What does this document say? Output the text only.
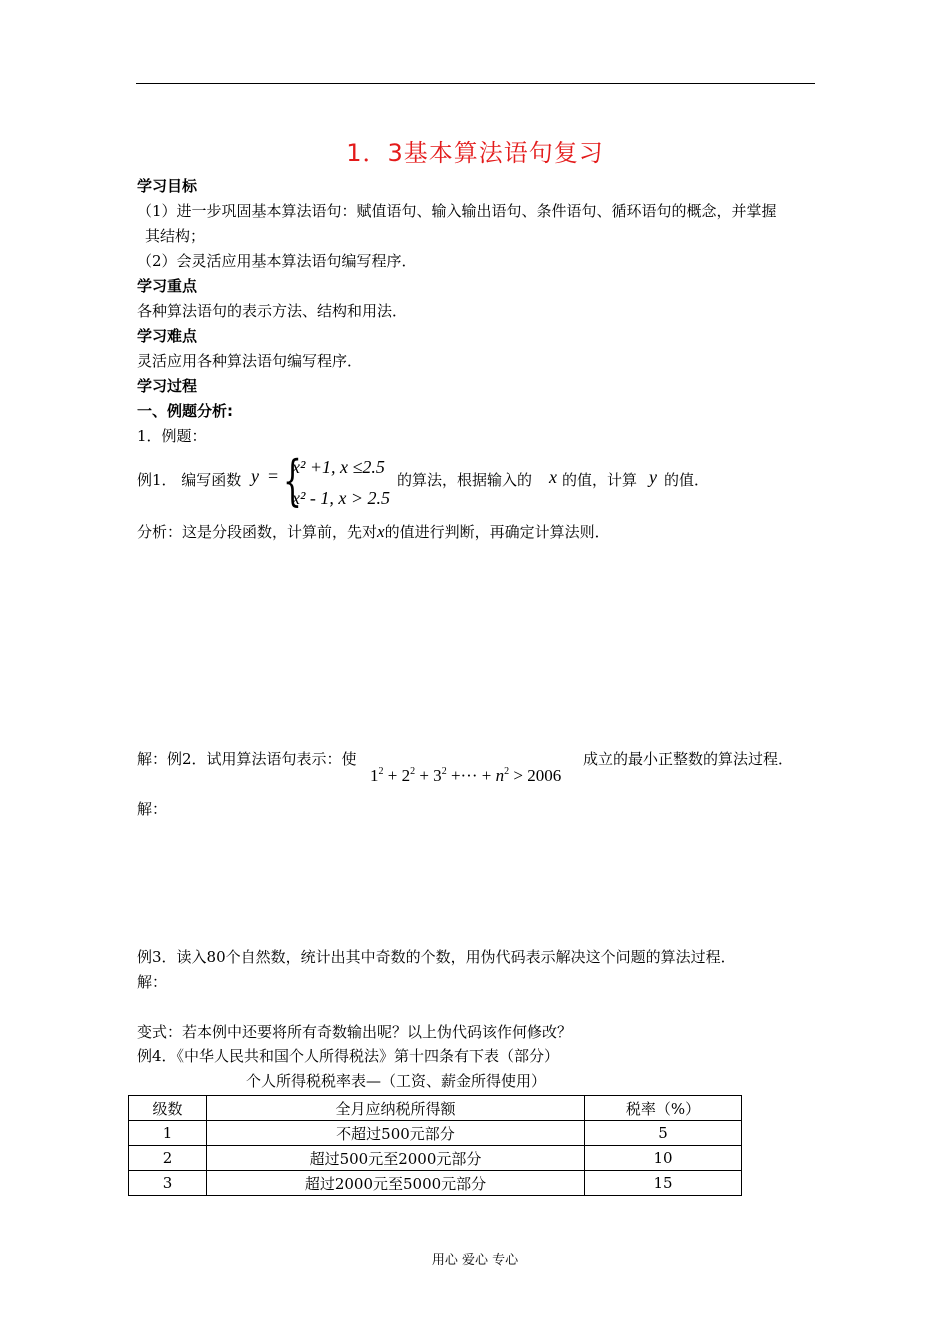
1．3基本算法语句复习
学习目标
（1）进一步巩固基本算法语句：赋值语句、输入输出语句、条件语句、循环语句的概念，并掌握
其结构；
（2）会灵活应用基本算法语句编写程序．
学习重点
各种算法语句的表示方法、结构和用法．
学习难点
灵活应用各种算法语句编写程序．
学习过程
一、例题分析:
1．例题：
例1． 编写函数 y = {
x² +1, x ≤2.5
x² - 1, x > 2.5
的算法，根据输入的 x 的值，计算 y 的值．
分析：这是分段函数，计算前，先对x的值进行判断，再确定计算法则．
解：例2．试用算法语句表示：使
$1^2 + 2^2 + 3^2$ +··· + $n^2 > 2006$
成立的最小正整数的算法过程．
解：
例3．读入80个自然数，统计出其中奇数的个数，用伪代码表示解决这个问题的算法过程．
解：
变式：若本例中还要将所有奇数输出呢？以上伪代码该作何修改？
例4．《中华人民共和国个人所得税法》第十四条有下表（部分）
个人所得税税率表—（工资、薪金所得使用）
级数	全月应纳税所得额	税率（%）
1	不超过500元部分	5
2	超过500元至2000元部分	10
3	超过2000元至5000元部分	15
用心 爱心 专心
